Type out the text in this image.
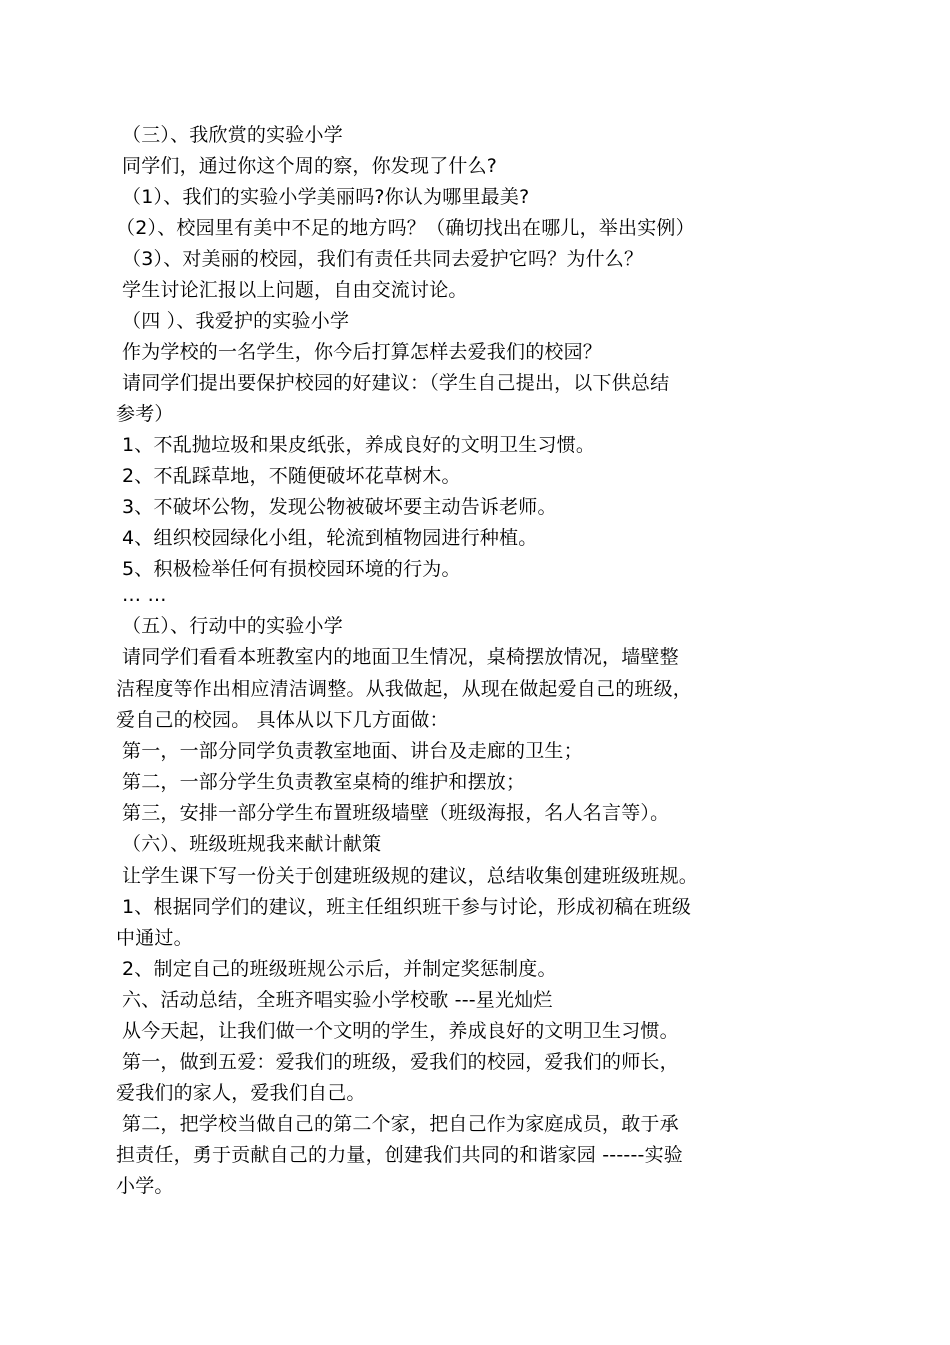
（三）、我欣赏的实验小学
同学们，通过你这个周的察，你发现了什么?
（1）、我们的实验小学美丽吗?你认为哪里最美?
（2）、校园里有美中不足的地方吗？（确切找出在哪儿，举出实例）
（3）、对美丽的校园，我们有责任共同去爱护它吗？为什么？
学生讨论汇报以上问题，自由交流讨论。
（四 ）、我爱护的实验小学
作为学校的一名学生，你今后打算怎样去爱我们的校园？
请同学们提出要保护校园的好建议：（学生自己提出，以下供总结
参考）
1、不乱抛垃圾和果皮纸张，养成良好的文明卫生习惯。
2、不乱踩草地，不随便破坏花草树木。
3、不破坏公物，发现公物被破坏要主动告诉老师。
4、组织校园绿化小组，轮流到植物园进行种植。
5、积极检举任何有损校园环境的行为。
… …
（五）、行动中的实验小学
请同学们看看本班教室内的地面卫生情况，桌椅摆放情况，墙壁整
洁程度等作出相应清洁调整。从我做起，从现在做起爱自己的班级，
爱自己的校园。 具体从以下几方面做：
第一，一部分同学负责教室地面、讲台及走廊的卫生；
第二，一部分学生负责教室桌椅的维护和摆放；
第三，安排一部分学生布置班级墙壁（班级海报，名人名言等）。
（六）、班级班规我来献计献策
让学生课下写一份关于创建班级规的建议，总结收集创建班级班规。
1、根据同学们的建议，班主任组织班干参与讨论，形成初稿在班级
中通过。
2、制定自己的班级班规公示后，并制定奖惩制度。
六、活动总结，全班齐唱实验小学校歌 ---星光灿烂
从今天起，让我们做一个文明的学生，养成良好的文明卫生习惯。
第一，做到五爱：爱我们的班级，爱我们的校园，爱我们的师长，
爱我们的家人，爱我们自己。
第二，把学校当做自己的第二个家，把自己作为家庭成员，敢于承
担责任，勇于贡献自己的力量，创建我们共同的和谐家园 ------实验
小学。
